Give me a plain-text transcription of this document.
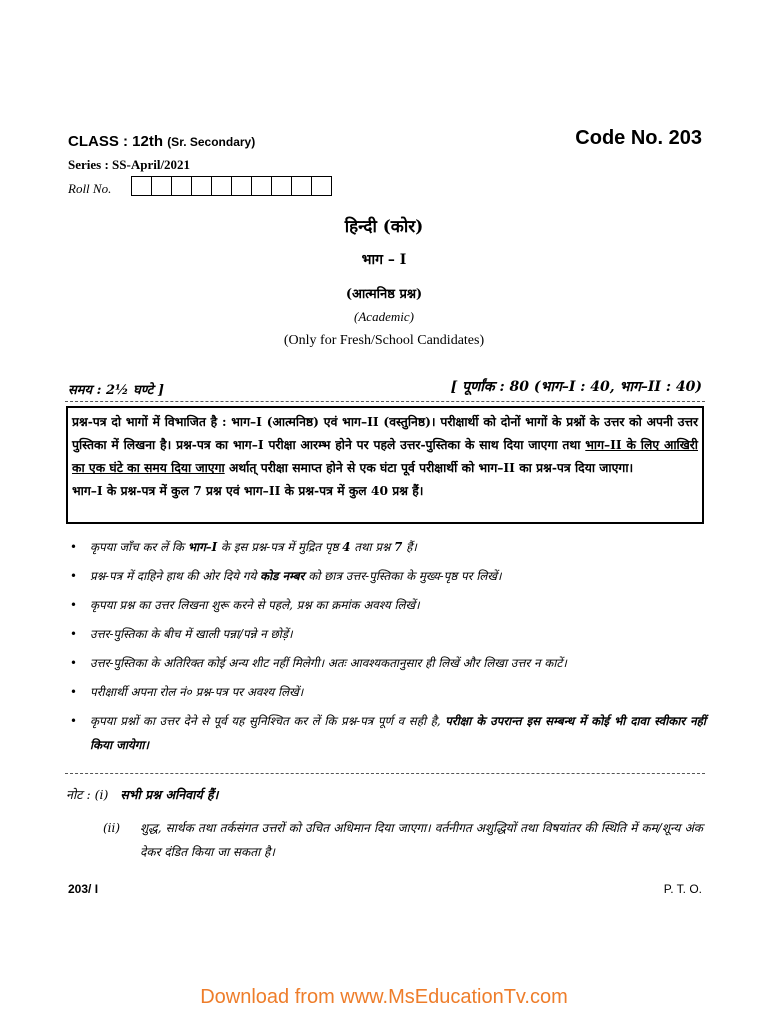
CLASS : 12th (Sr. Secondary)	Code No. 203
Series : SS-April/2021
Roll No.
हिन्दी (कोर)
भाग – I
(आत्मनिष्ठ प्रश्न)
(Academic)
(Only for Fresh/School Candidates)
समय : 2½ घण्टे ]	[ पूर्णांक : 80 (भाग–I : 40, भाग–II : 40)
प्रश्न-पत्र दो भागों में विभाजित है : भाग–I (आत्मनिष्ठ) एवं भाग–II (वस्तुनिष्ठ)। परीक्षार्थी को दोनों भागों के प्रश्नों के उत्तर को अपनी उत्तर पुस्तिका में लिखना है। प्रश्न-पत्र का भाग–I परीक्षा आरम्भ होने पर पहले उत्तर-पुस्तिका के साथ दिया जाएगा तथा भाग–II के लिए आखिरी का एक घंटे का समय दिया जाएगा अर्थात् परीक्षा समाप्त होने से एक घंटा पूर्व परीक्षार्थी को भाग–II का प्रश्न-पत्र दिया जाएगा।
भाग–I के प्रश्न-पत्र में कुल 7 प्रश्न एवं भाग–II के प्रश्न-पत्र में कुल 40 प्रश्न हैं।
• कृपया जाँच कर लें कि भाग–I के इस प्रश्न-पत्र में मुद्रित पृष्ठ 4 तथा प्रश्न 7 हैं।
• प्रश्न-पत्र में दाहिने हाथ की ओर दिये गये कोड नम्बर को छात्र उत्तर-पुस्तिका के मुख्य-पृष्ठ पर लिखें।
• कृपया प्रश्न का उत्तर लिखना शुरू करने से पहले, प्रश्न का क्रमांक अवश्य लिखें।
• उत्तर-पुस्तिका के बीच में खाली पन्ना/पन्ने न छोड़ें।
• उत्तर-पुस्तिका के अतिरिक्त कोई अन्य शीट नहीं मिलेगी। अतः आवश्यकतानुसार ही लिखें और लिखा उत्तर न काटें।
• परीक्षार्थी अपना रोल नं० प्रश्न-पत्र पर अवश्य लिखें।
• कृपया प्रश्नों का उत्तर देने से पूर्व यह सुनिश्चित कर लें कि प्रश्न-पत्र पूर्ण व सही है, परीक्षा के उपरान्त इस सम्बन्ध में कोई भी दावा स्वीकार नहीं किया जायेगा।
नोट : (i) सभी प्रश्न अनिवार्य हैं।
(ii)	शुद्ध, सार्थक तथा तर्कसंगत उत्तरों को उचित अधिमान दिया जाएगा। वर्तनीगत अशुद्धियों तथा विषयांतर की स्थिति में कम/शून्य अंक देकर दंडित किया जा सकता है।
203/ I	P. T. O.
Download from www.MsEducationTv.com
